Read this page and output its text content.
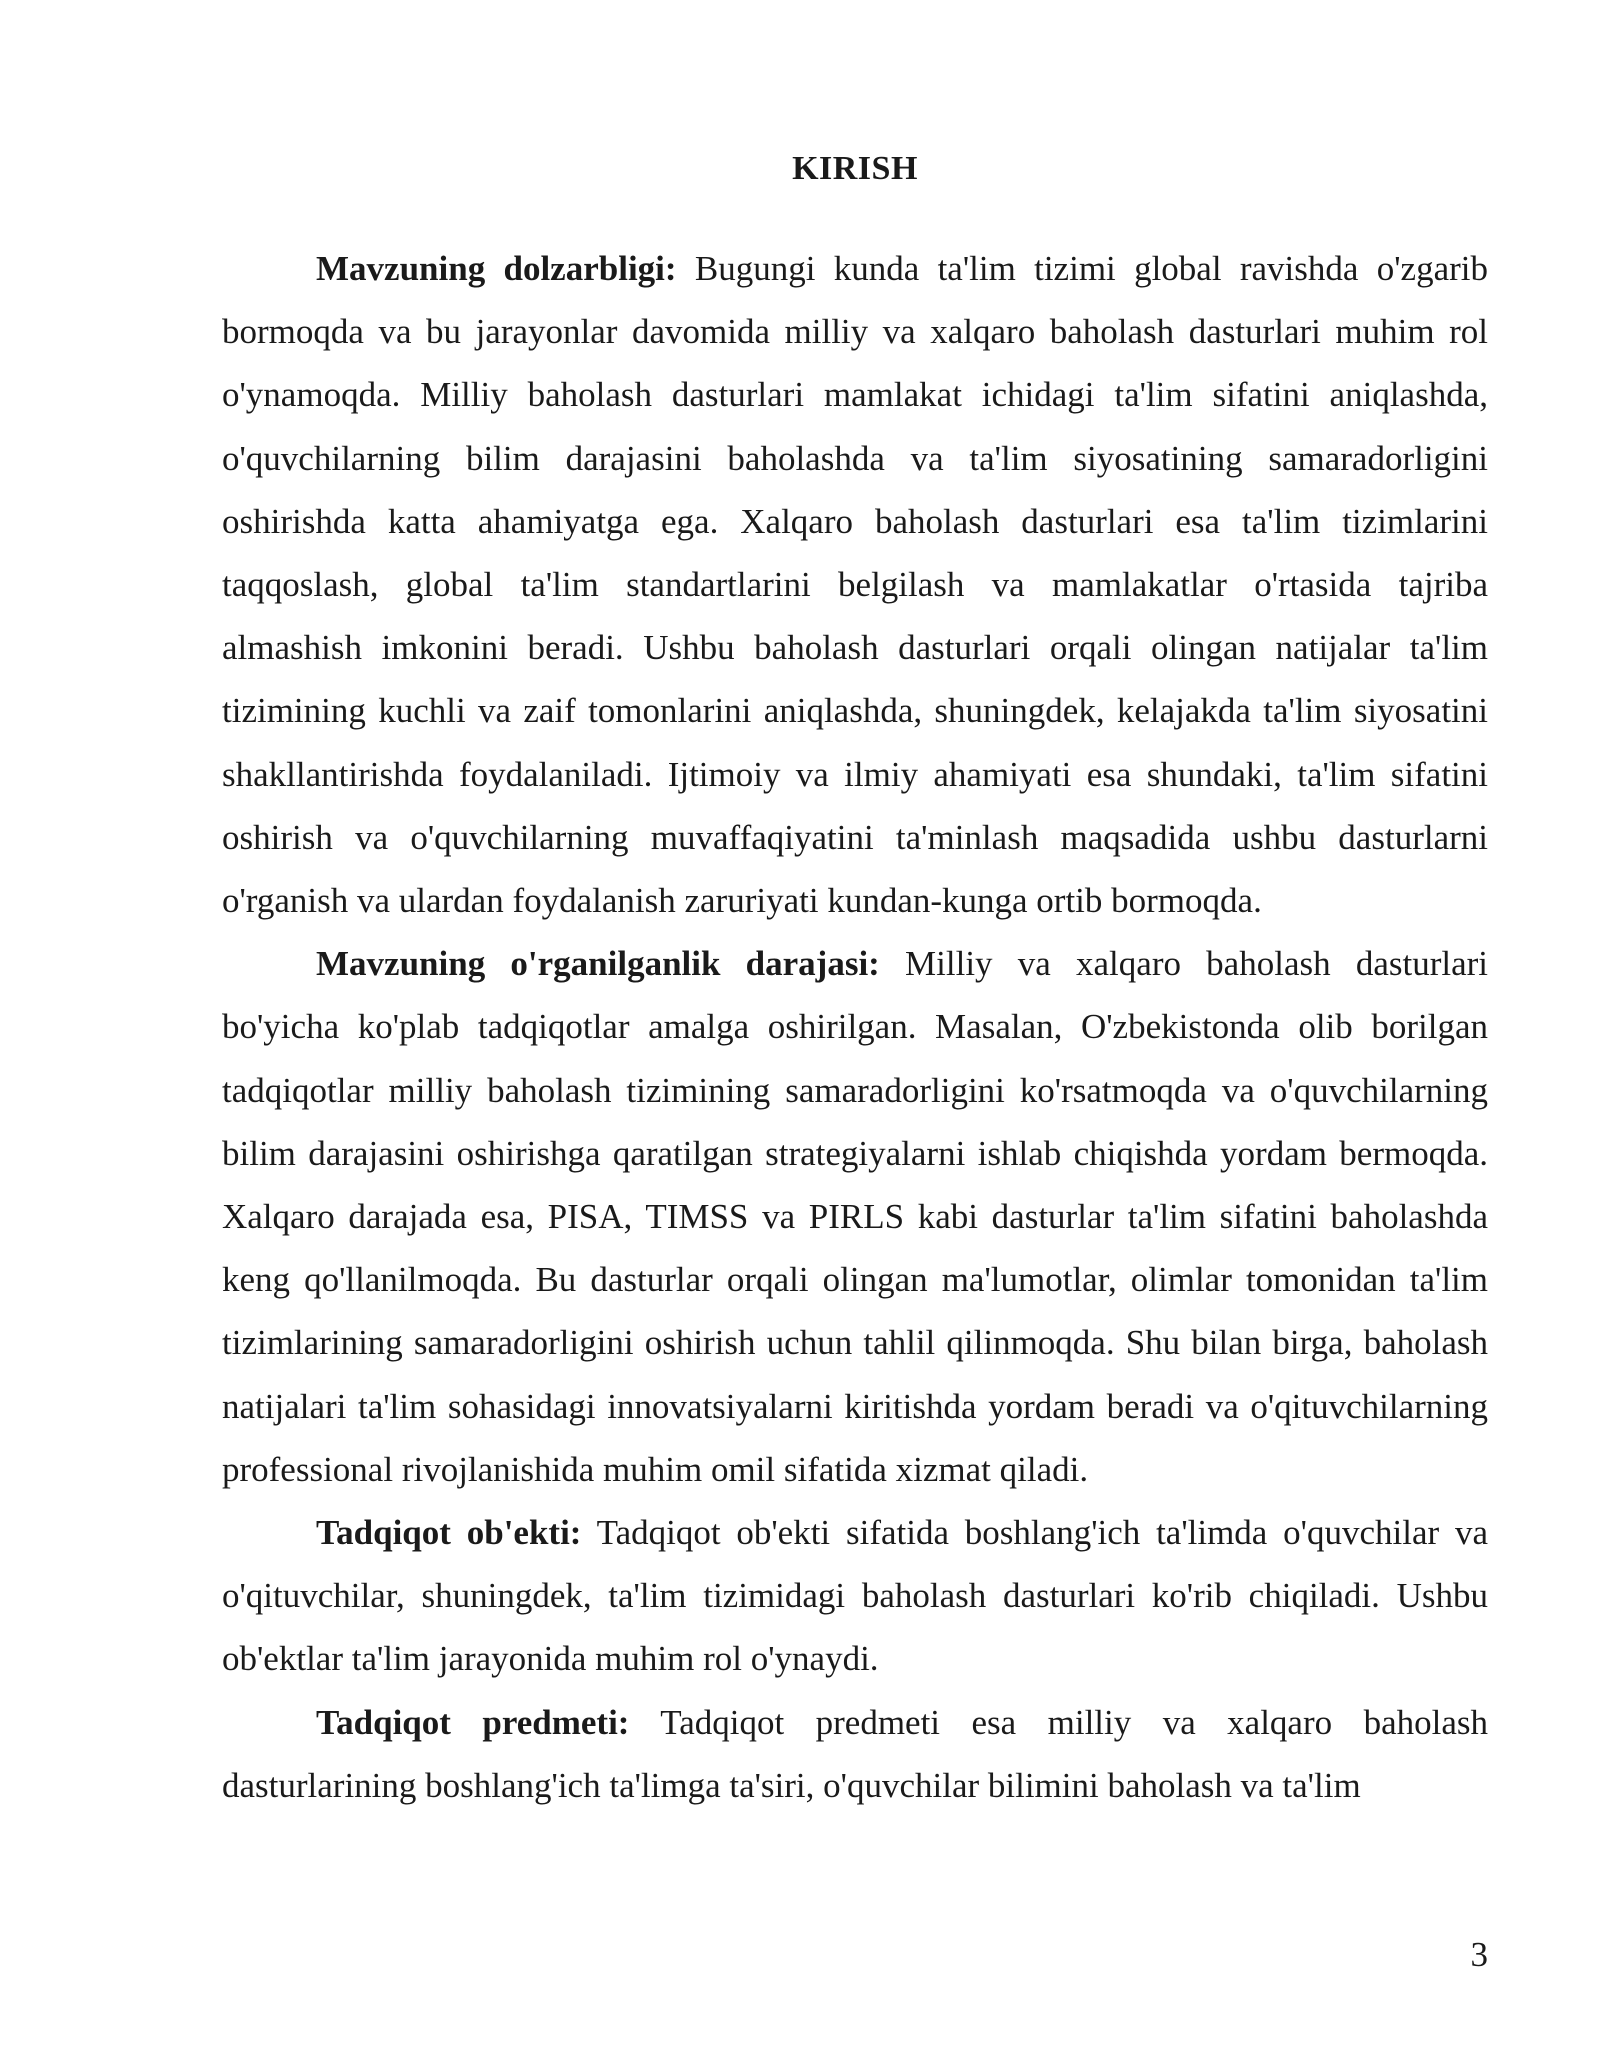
KIRISH

Mavzuning dolzarbligi: Bugungi kunda ta'lim tizimi global ravishda o'zgarib bormoqda va bu jarayonlar davomida milliy va xalqaro baholash dasturlari muhim rol o'ynamoqda. Milliy baholash dasturlari mamlakat ichidagi ta'lim sifatini aniqlashda, o'quvchilarning bilim darajasini baholashda va ta'lim siyosatining samaradorligini oshirishda katta ahamiyatga ega. Xalqaro baholash dasturlari esa ta'lim tizimlarini taqqoslash, global ta'lim standartlarini belgilash va mamlakatlar o'rtasida tajriba almashish imkonini beradi. Ushbu baholash dasturlari orqali olingan natijalar ta'lim tizimining kuchli va zaif tomonlarini aniqlashda, shuningdek, kelajakda ta'lim siyosatini shakllantirishda foydalaniladi. Ijtimoiy va ilmiy ahamiyati esa shundaki, ta'lim sifatini oshirish va o'quvchilarning muvaffaqiyatini ta'minlash maqsadida ushbu dasturlarni o'rganish va ulardan foydalanish zaruriyati kundan-kunga ortib bormoqda.

Mavzuning o'rganilganlik darajasi: Milliy va xalqaro baholash dasturlari bo'yicha ko'plab tadqiqotlar amalga oshirilgan. Masalan, O'zbekistonda olib borilgan tadqiqotlar milliy baholash tizimining samaradorligini ko'rsatmoqda va o'quvchilarning bilim darajasini oshirishga qaratilgan strategiyalarni ishlab chiqishda yordam bermoqda. Xalqaro darajada esa, PISA, TIMSS va PIRLS kabi dasturlar ta'lim sifatini baholashda keng qo'llanilmoqda. Bu dasturlar orqali olingan ma'lumotlar, olimlar tomonidan ta'lim tizimlarining samaradorligini oshirish uchun tahlil qilinmoqda. Shu bilan birga, baholash natijalari ta'lim sohasidagi innovatsiyalarni kiritishda yordam beradi va o'qituvchilarning professional rivojlanishida muhim omil sifatida xizmat qiladi.

Tadqiqot ob'ekti: Tadqiqot ob'ekti sifatida boshlang'ich ta'limda o'quvchilar va o'qituvchilar, shuningdek, ta'lim tizimidagi baholash dasturlari ko'rib chiqiladi. Ushbu ob'ektlar ta'lim jarayonida muhim rol o'ynaydi.

Tadqiqot predmeti: Tadqiqot predmeti esa milliy va xalqaro baholash dasturlarining boshlang'ich ta'limga ta'siri, o'quvchilar bilimini baholash va ta'lim

3
